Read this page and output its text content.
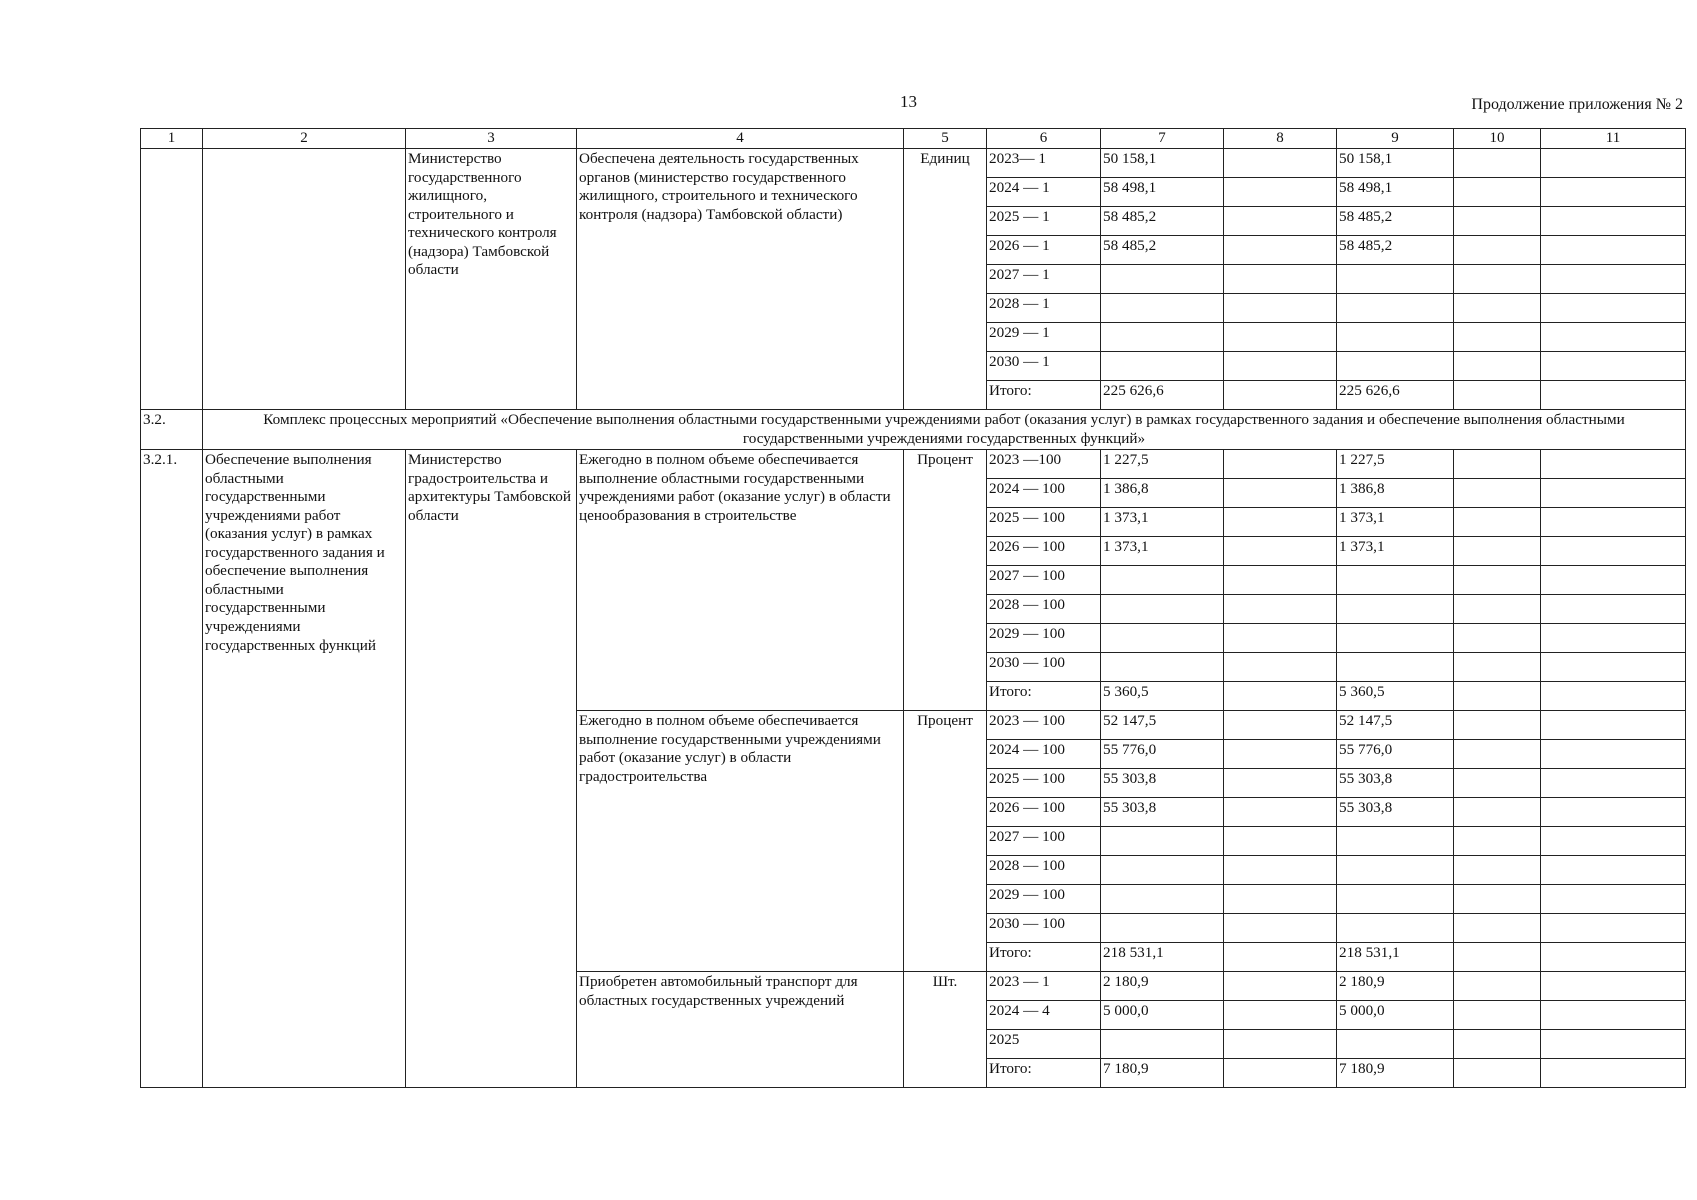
13	Продолжение приложения № 2
1	2	3	4	5	6	7	8	9	10	11
		Министерство государственного жилищного, строительного и технического контроля (надзора) Тамбовской области	Обеспечена деятельность государственных органов (министерство государственного жилищного, строительного и технического контроля (надзора) Тамбовской области)	Единиц	2023— 1	50 158,1		50 158,1		
					2024 — 1	58 498,1		58 498,1		
					2025 — 1	58 485,2		58 485,2		
					2026 — 1	58 485,2		58 485,2		
					2027 — 1					
					2028 — 1					
					2029 — 1					
					2030 — 1					
					Итого:	225 626,6		225 626,6		
3.2.	Комплекс процессных мероприятий «Обеспечение выполнения областными государственными учреждениями работ (оказания услуг) в рамках государственного задания и обеспечение выполнения областными государственными учреждениями государственных функций»									
3.2.1.	Обеспечение выполнения областными государственными учреждениями работ (оказания услуг) в рамках государственного задания и обеспечение выполнения областными государственными учреждениями государственных функций	Министерство градостроительства и архитектуры Тамбовской области	Ежегодно в полном объеме обеспечивается выполнение областными государственными учреждениями работ (оказание услуг) в области ценообразования в строительстве	Процент	2023 —100	1 227,5		1 227,5		
					2024 — 100	1 386,8		1 386,8		
					2025 — 100	1 373,1		1 373,1		
					2026 — 100	1 373,1		1 373,1		
					2027 — 100					
					2028 — 100					
					2029 — 100					
					2030 — 100					
					Итого:	5 360,5		5 360,5		
			Ежегодно в полном объеме обеспечивается выполнение государственными учреждениями работ (оказание услуг) в области градостроительства	Процент	2023 — 100	52 147,5		52 147,5		
					2024 — 100	55 776,0		55 776,0		
					2025 — 100	55 303,8		55 303,8		
					2026 — 100	55 303,8		55 303,8		
					2027 — 100					
					2028 — 100					
					2029 — 100					
					2030 — 100					
					Итого:	218 531,1		218 531,1		
			Приобретен автомобильный транспорт для областных государственных учреждений	Шт.	2023 — 1	2 180,9		2 180,9		
					2024 — 4	5 000,0		5 000,0		
					2025					
					Итого:	7 180,9		7 180,9		
